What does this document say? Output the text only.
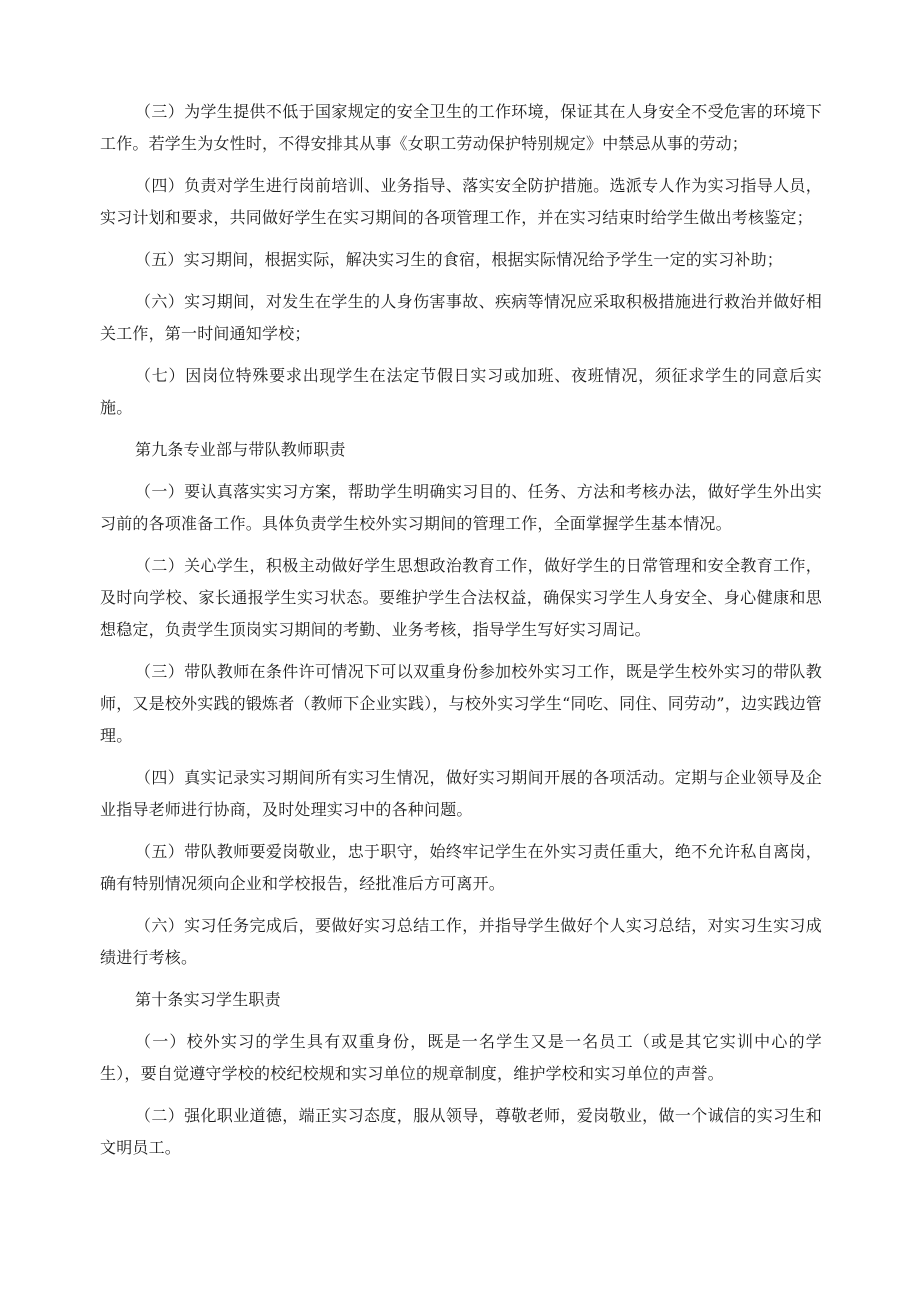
（三）为学生提供不低于国家规定的安全卫生的工作环境，保证其在人身安全不受危害的环境下工作。若学生为女性时，不得安排其从事《女职工劳动保护特别规定》中禁忌从事的劳动；

（四）负责对学生进行岗前培训、业务指导、落实安全防护措施。选派专人作为实习指导人员，实习计划和要求，共同做好学生在实习期间的各项管理工作，并在实习结束时给学生做出考核鉴定；

（五）实习期间，根据实际，解决实习生的食宿，根据实际情况给予学生一定的实习补助；

（六）实习期间，对发生在学生的人身伤害事故、疾病等情况应采取积极措施进行救治并做好相关工作，第一时间通知学校；

（七）因岗位特殊要求出现学生在法定节假日实习或加班、夜班情况，须征求学生的同意后实施。

第九条专业部与带队教师职责

（一）要认真落实实习方案，帮助学生明确实习目的、任务、方法和考核办法，做好学生外出实习前的各项准备工作。具体负责学生校外实习期间的管理工作，全面掌握学生基本情况。

（二）关心学生，积极主动做好学生思想政治教育工作，做好学生的日常管理和安全教育工作，及时向学校、家长通报学生实习状态。要维护学生合法权益，确保实习学生人身安全、身心健康和思想稳定，负责学生顶岗实习期间的考勤、业务考核，指导学生写好实习周记。

（三）带队教师在条件许可情况下可以双重身份参加校外实习工作，既是学生校外实习的带队教师，又是校外实践的锻炼者（教师下企业实践），与校外实习学生“同吃、同住、同劳动”，边实践边管理。

（四）真实记录实习期间所有实习生情况，做好实习期间开展的各项活动。定期与企业领导及企业指导老师进行协商，及时处理实习中的各种问题。

（五）带队教师要爱岗敬业，忠于职守，始终牢记学生在外实习责任重大，绝不允许私自离岗，确有特别情况须向企业和学校报告，经批准后方可离开。

（六）实习任务完成后，要做好实习总结工作，并指导学生做好个人实习总结，对实习生实习成绩进行考核。

第十条实习学生职责

（一）校外实习的学生具有双重身份，既是一名学生又是一名员工（或是其它实训中心的学生），要自觉遵守学校的校纪校规和实习单位的规章制度，维护学校和实习单位的声誉。

（二）强化职业道德，端正实习态度，服从领导，尊敬老师，爱岗敬业，做一个诚信的实习生和文明员工。
